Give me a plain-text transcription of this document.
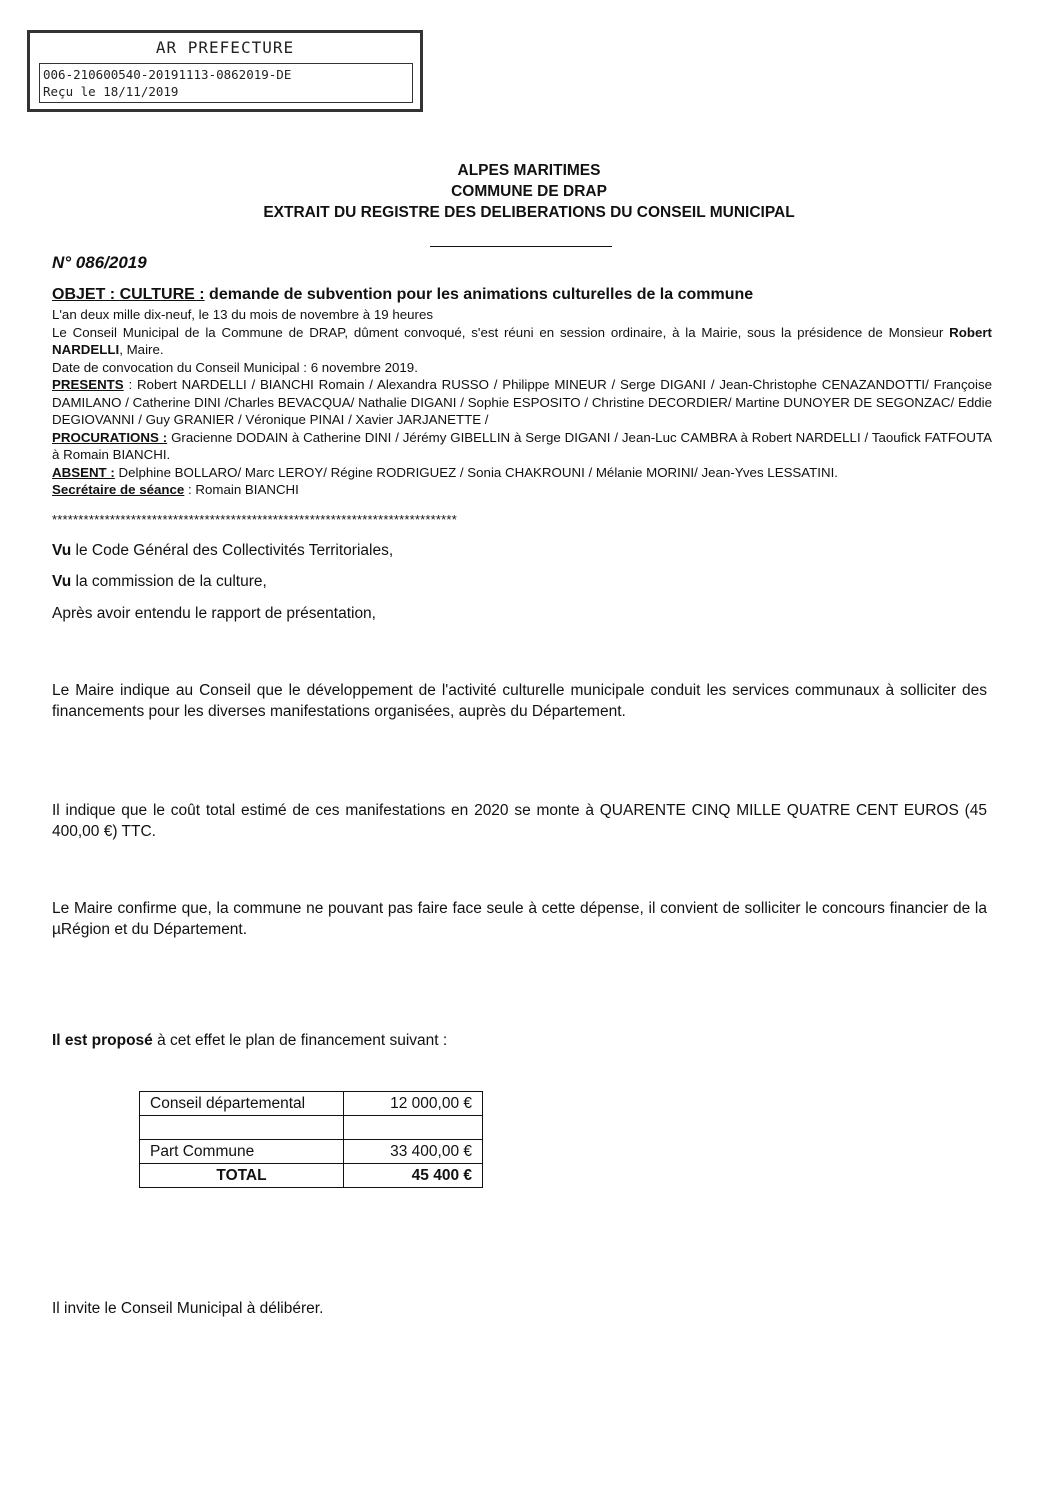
AR PREFECTURE
006-210600540-20191113-0862019-DE
Reçu le 18/11/2019
ALPES MARITIMES
COMMUNE DE DRAP
EXTRAIT DU REGISTRE DES DELIBERATIONS DU CONSEIL MUNICIPAL
N° 086/2019
OBJET : CULTURE : demande de subvention pour les animations culturelles de la commune

L'an deux mille dix-neuf, le 13 du mois de novembre à 19 heures

Le Conseil Municipal de la Commune de DRAP, dûment convoqué, s'est réuni en session ordinaire, à la Mairie, sous la présidence de Monsieur Robert NARDELLI, Maire.

Date de convocation du Conseil Municipal : 6 novembre 2019.

PRESENTS : Robert NARDELLI / BIANCHI Romain / Alexandra RUSSO / Philippe MINEUR / Serge DIGANI / Jean-Christophe CENAZANDOTTI/ Françoise DAMILANO / Catherine DINI /Charles BEVACQUA/ Nathalie DIGANI / Sophie ESPOSITO / Christine DECORDIER/ Martine DUNOYER DE SEGONZAC/ Eddie DEGIOVANNI / Guy GRANIER / Véronique PINAI / Xavier JARJANETTE /

PROCURATIONS : Gracienne DODAIN à Catherine DINI / Jérémy GIBELLIN à Serge DIGANI / Jean-Luc CAMBRA à Robert NARDELLI / Taoufick FATFOUTA à Romain BIANCHI.

ABSENT : Delphine BOLLARO/ Marc LEROY/ Régine RODRIGUEZ / Sonia CHAKROUNI / Mélanie MORINI/ Jean-Yves LESSATINI.

Secrétaire de séance : Romain BIANCHI

*****************************************************************************

Vu le Code Général des Collectivités Territoriales,

Vu la commission de la culture,

Après avoir entendu le rapport de présentation,

Le Maire indique au Conseil que le développement de l'activité culturelle municipale conduit les services communaux à solliciter des financements pour les diverses manifestations organisées, auprès du Département.

Il indique que le coût total estimé de ces manifestations en 2020 se monte à QUARENTE CINQ MILLE QUATRE CENT EUROS (45 400,00 €) TTC.

Le Maire confirme que, la commune ne pouvant pas faire face seule à cette dépense, il convient de solliciter le concours financier de la µRégion et du Département.

Il est proposé à cet effet le plan de financement suivant :

Conseil départemental	12 000,00 €

Part Commune	33 400,00 €
TOTAL	45 400 €

Il invite le Conseil Municipal à délibérer.
